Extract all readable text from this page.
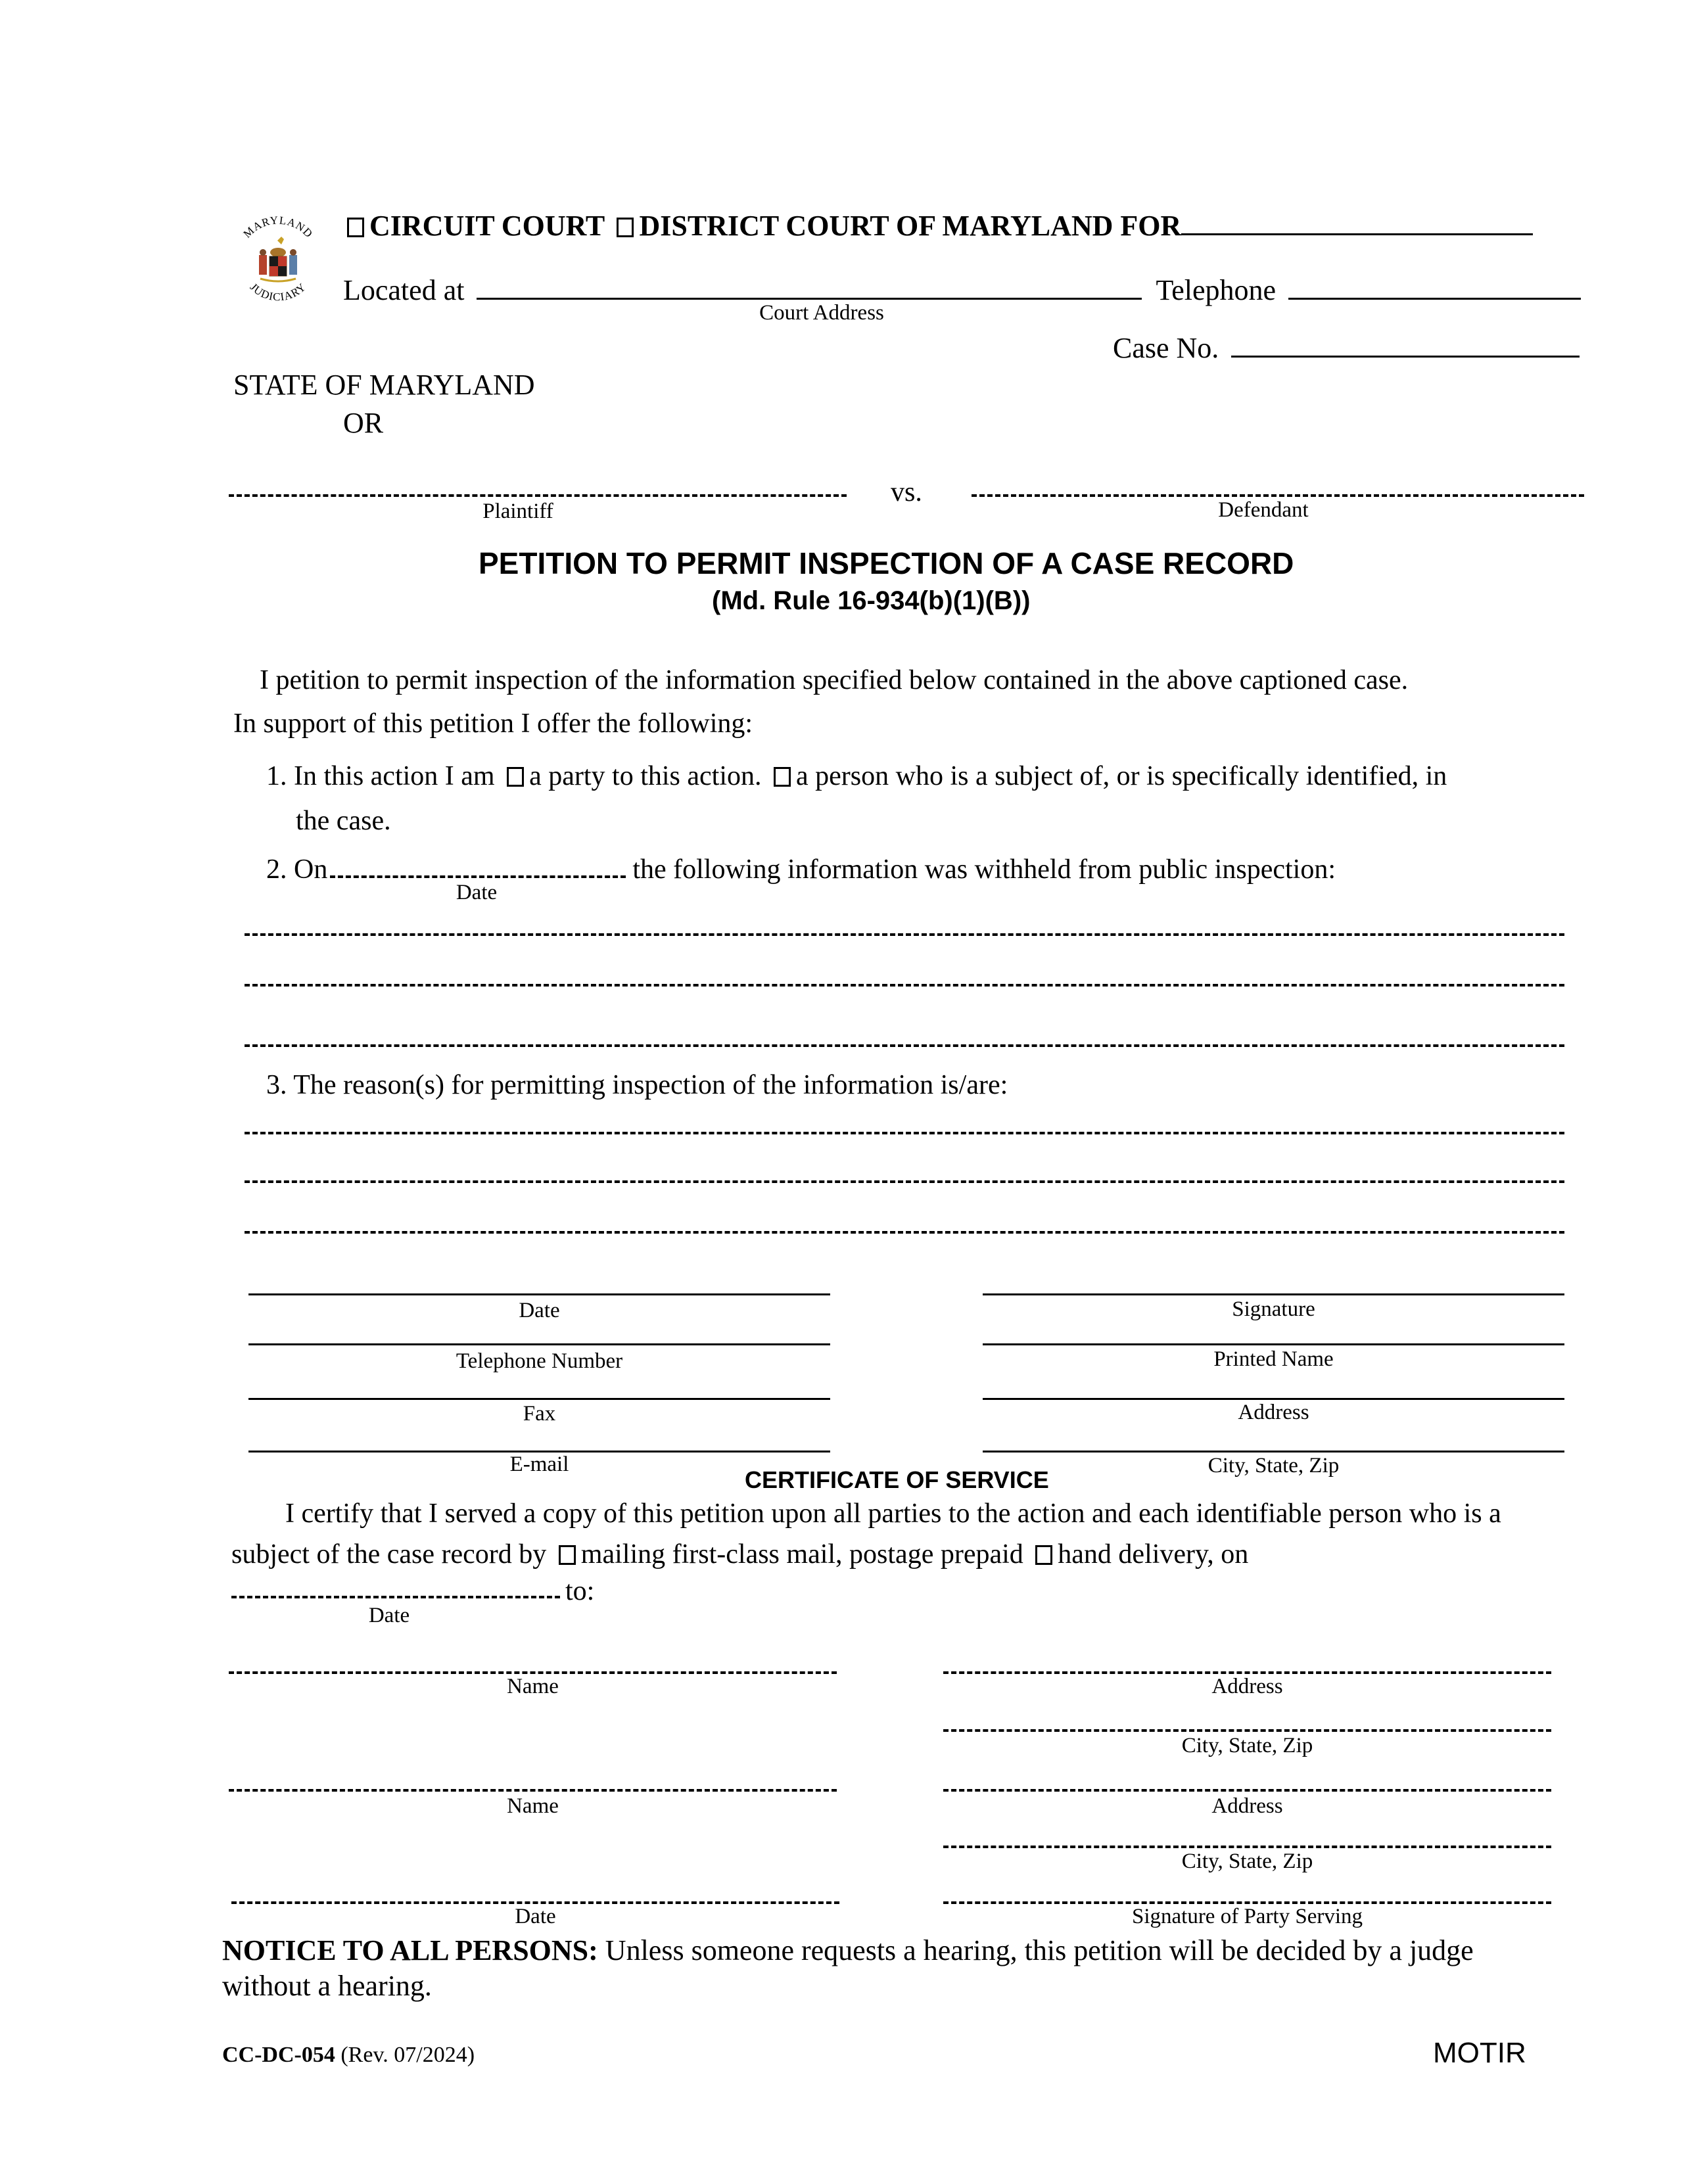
MARYLAND
JUDICIARY
CIRCUIT COURT DISTRICT COURT OF MARYLAND FOR
Located at	Telephone
Court Address
Case No.
STATE OF MARYLAND
OR
vs.
Plaintiff	Defendant
PETITION TO PERMIT INSPECTION OF A CASE RECORD
(Md. Rule 16-934(b)(1)(B))
I petition to permit inspection of the information specified below contained in the above captioned case.
In support of this petition I offer the following:
1. In this action I am a party to this action. a person who is a subject of, or is specifically identified, in
the case.
2. On	the following information was withheld from public inspection:
Date
3. The reason(s) for permitting inspection of the information is/are:
Date	Signature
Telephone Number	Printed Name
Fax	Address
E-mail	City, State, Zip
CERTIFICATE OF SERVICE
I certify that I served a copy of this petition upon all parties to the action and each identifiable person who is a
subject of the case record by mailing first-class mail, postage prepaid hand delivery, on
to:
Date
Name	Address
City, State, Zip
Name	Address
City, State, Zip
Date	Signature of Party Serving
NOTICE TO ALL PERSONS: Unless someone requests a hearing, this petition will be decided by a judge
without a hearing.
CC-DC-054 (Rev. 07/2024)	MOTIR
